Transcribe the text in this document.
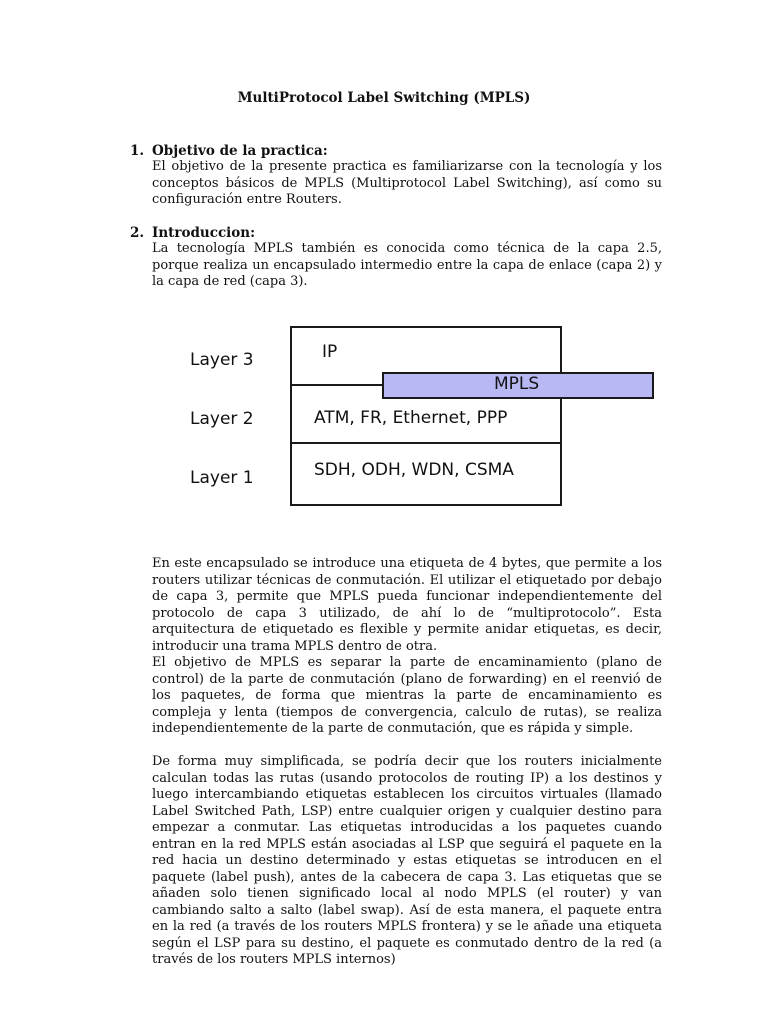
MultiProtocol Label Switching (MPLS)
1. Objetivo de la practica:
El objetivo de la presente practica es familiarizarse con la tecnología y los conceptos básicos de MPLS (Multiprotocol Label Switching), así como su configuración entre Routers.
2. Introduccion:
La tecnología MPLS también es conocida como técnica de la capa 2.5, porque realiza un encapsulado intermedio entre la capa de enlace (capa 2) y la capa de red (capa 3).
Layer 3
Layer 2
Layer 1
MPLS
IP
ATM, FR, Ethernet, PPP
SDH, ODH, WDN, CSMA

En este encapsulado se introduce una etiqueta de 4 bytes, que permite a los routers utilizar técnicas de conmutación. El utilizar el etiquetado por debajo de capa 3, permite que MPLS pueda funcionar independientemente del protocolo de capa 3 utilizado, de ahí lo de “multiprotocolo”. Esta arquitectura de etiquetado es flexible y permite anidar etiquetas, es decir, introducir una trama MPLS dentro de otra.

El objetivo de MPLS es separar la parte de encaminamiento (plano de control) de la parte de conmutación (plano de forwarding) en el reenvió de los paquetes, de forma que mientras la parte de encaminamiento es compleja y lenta (tiempos de convergencia, calculo de rutas), se realiza independientemente de la parte de conmutación, que es rápida y simple.

De forma muy simplificada, se podría decir que los routers inicialmente calculan todas las rutas (usando protocolos de routing IP) a los destinos y luego intercambiando etiquetas establecen los circuitos virtuales (llamado Label Switched Path, LSP) entre cualquier origen y cualquier destino para empezar a conmutar. Las etiquetas introducidas a los paquetes cuando entran en la red MPLS están asociadas al LSP que seguirá el paquete en la red hacia un destino determinado y estas etiquetas se introducen en el paquete (label push), antes de la cabecera de capa 3. Las etiquetas que se añaden solo tienen significado local al nodo MPLS (el router) y van cambiando salto a salto (label swap). Así de esta manera, el paquete entra en la red (a través de los routers MPLS frontera) y se le añade una etiqueta según el LSP para su destino, el paquete es conmutado dentro de la red (a través de los routers MPLS internos)
